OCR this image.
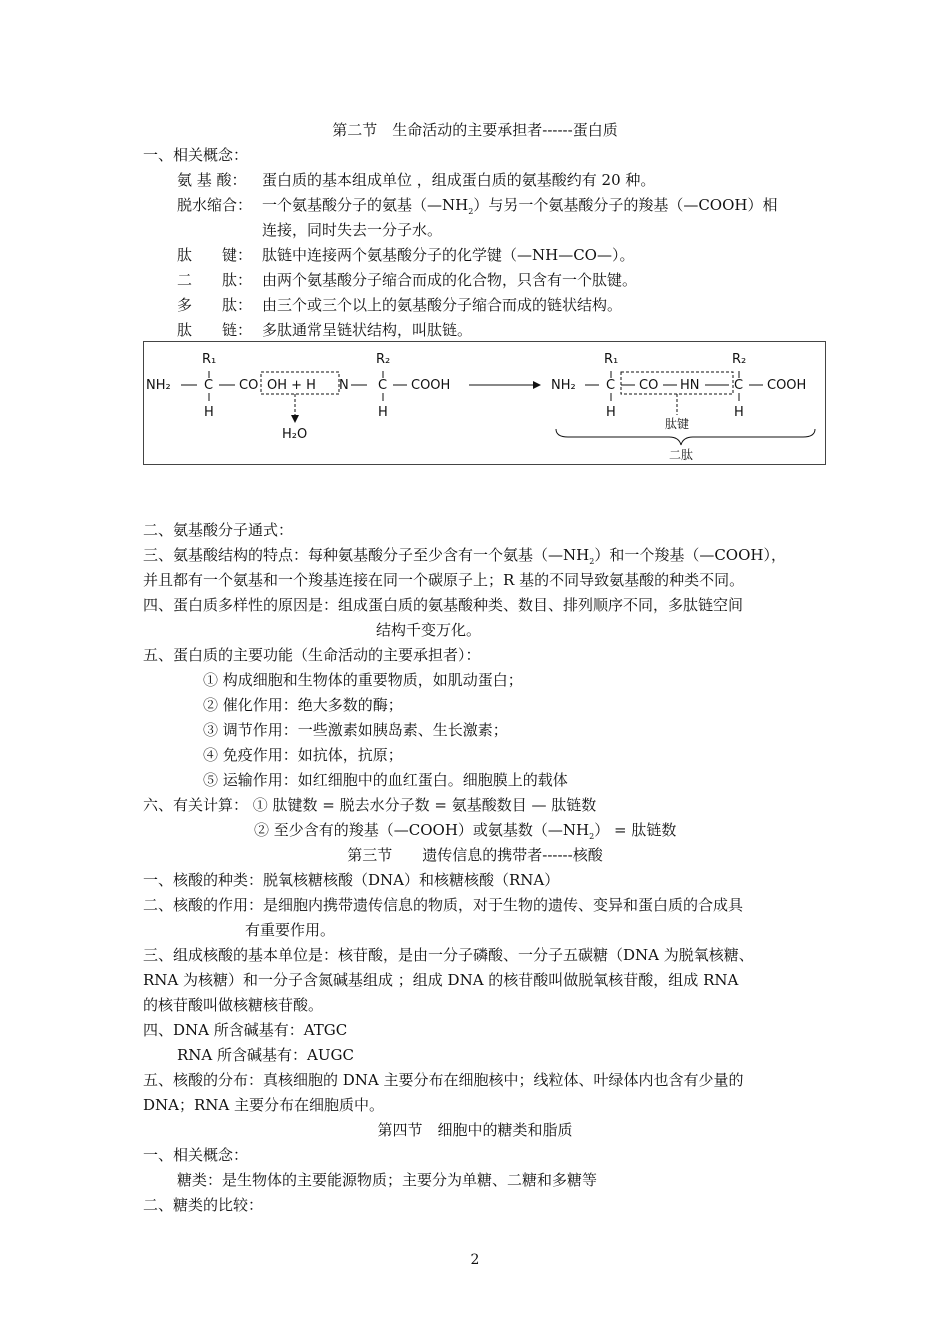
第二节　生命活动的主要承担者------蛋白质
一、相关概念：
氨 基 酸： 蛋白质的基本组成单位 ，组成蛋白质的氨基酸约有 20 种。
脱水缩合： 一个氨基酸分子的氨基$(—NH_2)$与另一个氨基酸分子的羧基（—COOH）相
连接，同时失去一分子水。
肽　　键： 肽链中连接两个氨基酸分子的化学键（—NH—CO—）。
二　　肽： 由两个氨基酸分子缩合而成的化合物，只含有一个肽键。
多　　肽： 由三个或三个以上的氨基酸分子缩合而成的链状结构。
肽　　链： 多肽通常呈链状结构，叫肽链。
NH₂	C
R₁
H
CO OH + H N
H₂O
C
R₂
H
COOH	NH₂ C
R₁
H
CO HN	C
R₂
H
COOH
肽键
二肽
二、氨基酸分子通式：
三、氨基酸结构的特点：每种氨基酸分子至少含有一个氨基$(—NH_2)$和一个羧基（—COOH），
并且都有一个氨基和一个羧基连接在同一个碳原子上；R 基的不同导致氨基酸的种类不同。
四、蛋白质多样性的原因是：组成蛋白质的氨基酸种类、数目、排列顺序不同，多肽链空间
结构千变万化。
五、蛋白质的主要功能（生命活动的主要承担者）：
① 构成细胞和生物体的重要物质，如肌动蛋白；
② 催化作用：绝大多数的酶；
③ 调节作用：一些激素如胰岛素、生长激素；
④ 免疫作用：如抗体，抗原；
⑤ 运输作用：如红细胞中的血红蛋白。细胞膜上的载体
六、有关计算： ① 肽键数 = 脱去水分子数 = 氨基酸数目 — 肽链数
② 至少含有的羧基（—COOH）或氨基数$(—NH_2)$ = 肽链数
第三节　　遗传信息的携带者------核酸
一、核酸的种类：脱氧核糖核酸（DNA）和核糖核酸（RNA）
二、核酸的作用：是细胞内携带遗传信息的物质，对于生物的遗传、变异和蛋白质的合成具
有重要作用。
三、组成核酸的基本单位是：核苷酸，是由一分子磷酸、一分子五碳糖（DNA 为脱氧核糖、
RNA 为核糖）和一分子含氮碱基组成 ；组成 DNA 的核苷酸叫做脱氧核苷酸，组成 RNA
的核苷酸叫做核糖核苷酸。
四、DNA 所含碱基有：ATGC
RNA 所含碱基有：AUGC
五、核酸的分布：真核细胞的 DNA 主要分布在细胞核中；线粒体、叶绿体内也含有少量的
DNA；RNA 主要分布在细胞质中。
第四节　细胞中的糖类和脂质
一、相关概念：
糖类：是生物体的主要能源物质；主要分为单糖、二糖和多糖等
二、糖类的比较：
2
